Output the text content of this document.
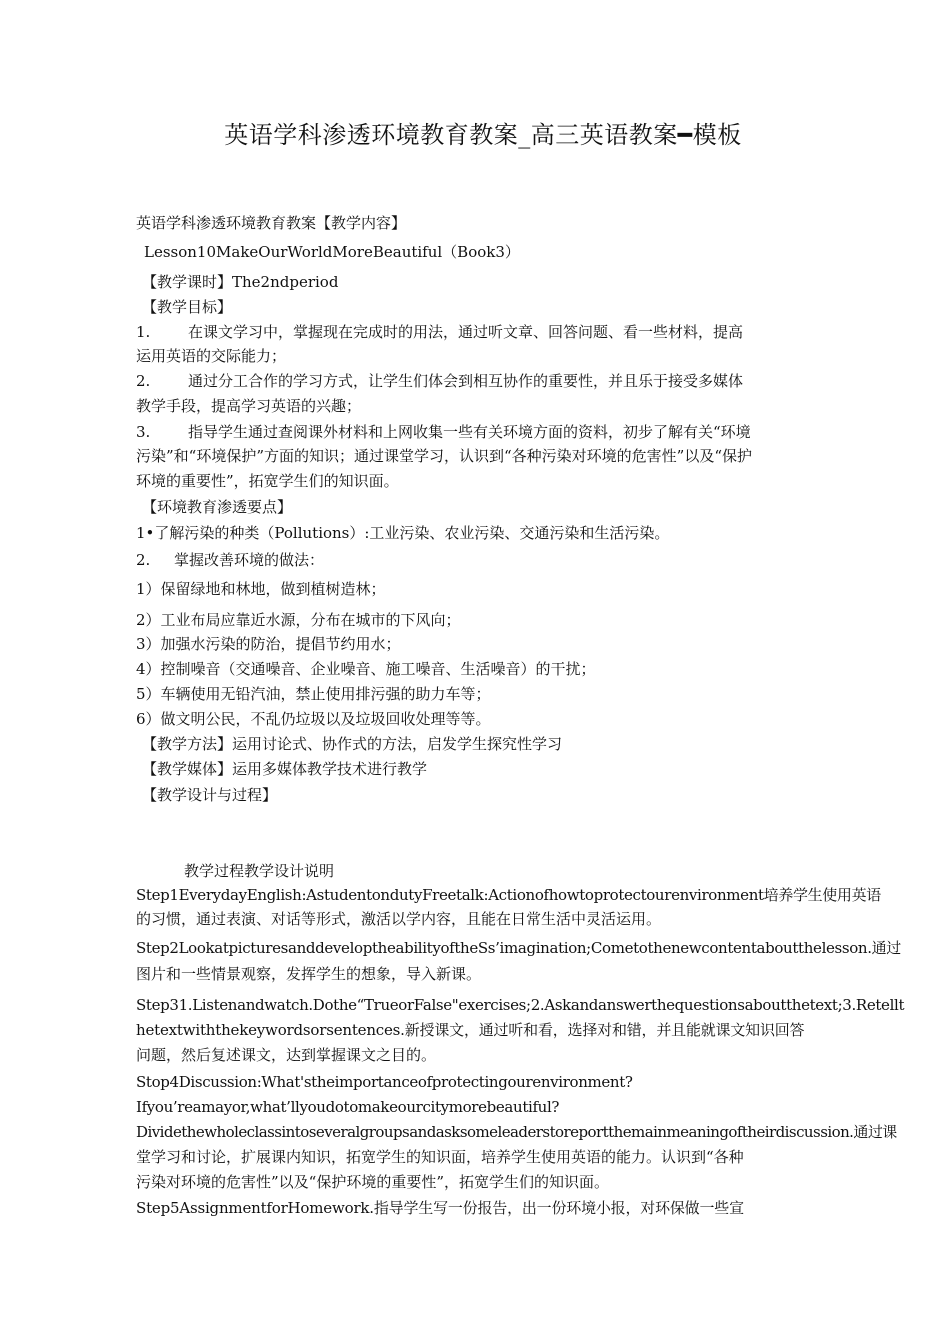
英语学科渗透环境教育教案_高三英语教案━模板
英语学科渗透环境教育教案【教学内容】
Lesson10MakeOurWorldMoreBeautiful（Book3）
【教学课时】The2ndperiod
【教学目标】
1.	在课文学习中，掌握现在完成时的用法，通过听文章、回答问题、看一些材料，提高
运用英语的交际能力；
2.	通过分工合作的学习方式，让学生们体会到相互协作的重要性，并且乐于接受多媒体
教学手段，提高学习英语的兴趣；
3.	指导学生通过查阅课外材料和上网收集一些有关环境方面的资料，初步了解有关“环境
污染”和“环境保护”方面的知识；通过课堂学习，认识到“各种污染对环境的危害性”以及“保护
环境的重要性”，拓宽学生们的知识面。
【环境教育渗透要点】
1•了解污染的种类（Pollutions）:工业污染、农业污染、交通污染和生活污染。
2. 掌握改善环境的做法：
1）保留绿地和林地，做到植树造林；
2）工业布局应靠近水源，分布在城市的下风向；
3）加强水污染的防治，提倡节约用水；
4）控制噪音（交通噪音、企业噪音、施工噪音、生活噪音）的干扰；
5）车辆使用无铅汽油，禁止使用排污强的助力车等；
6）做文明公民，不乱仍垃圾以及垃圾回收处理等等。
【教学方法】运用讨论式、协作式的方法，启发学生探究性学习
【教学媒体】运用多媒体教学技术进行教学
【教学设计与过程】
教学过程教学设计说明
Step1EverydayEnglish:AstudentondutyFreetalk:Actionofhowtoprotectourenvironment培养学生使用英语
的习惯，通过表演、对话等形式，激活以学内容，且能在日常生活中灵活运用。
Step2LookatpicturesanddeveloptheabilityoftheSs’imagination;Cometothenewcontentaboutthelesson.通过
图片和一些情景观察，发挥学生的想象，导入新课。
Step31.Listenandwatch.Dothe“TrueorFalse"exercises;2.Askandanswerthequestionsaboutthetext;3.Retellt
hetextwiththekeywordsorsentences.新授课文，通过听和看，选择对和错，并且能就课文知识回答
问题，然后复述课文，达到掌握课文之目的。
Stop4Discussion:What'stheimportanceofprotectingourenvironment?
Ifyou’reamayor,what’llyoudotomakeourcitymorebeautiful?
Dividethewholeclassintoseveralgroupsandasksomeleaderstoreportthemainmeaningoftheirdiscussion.通过课
堂学习和讨论，扩展课内知识，拓宽学生的知识面，培养学生使用英语的能力。认识到“各种
污染对环境的危害性”以及“保护环境的重要性”，拓宽学生们的知识面。
Step5AssignmentforHomework.指导学生写一份报告，出一份环境小报，对环保做一些宣
